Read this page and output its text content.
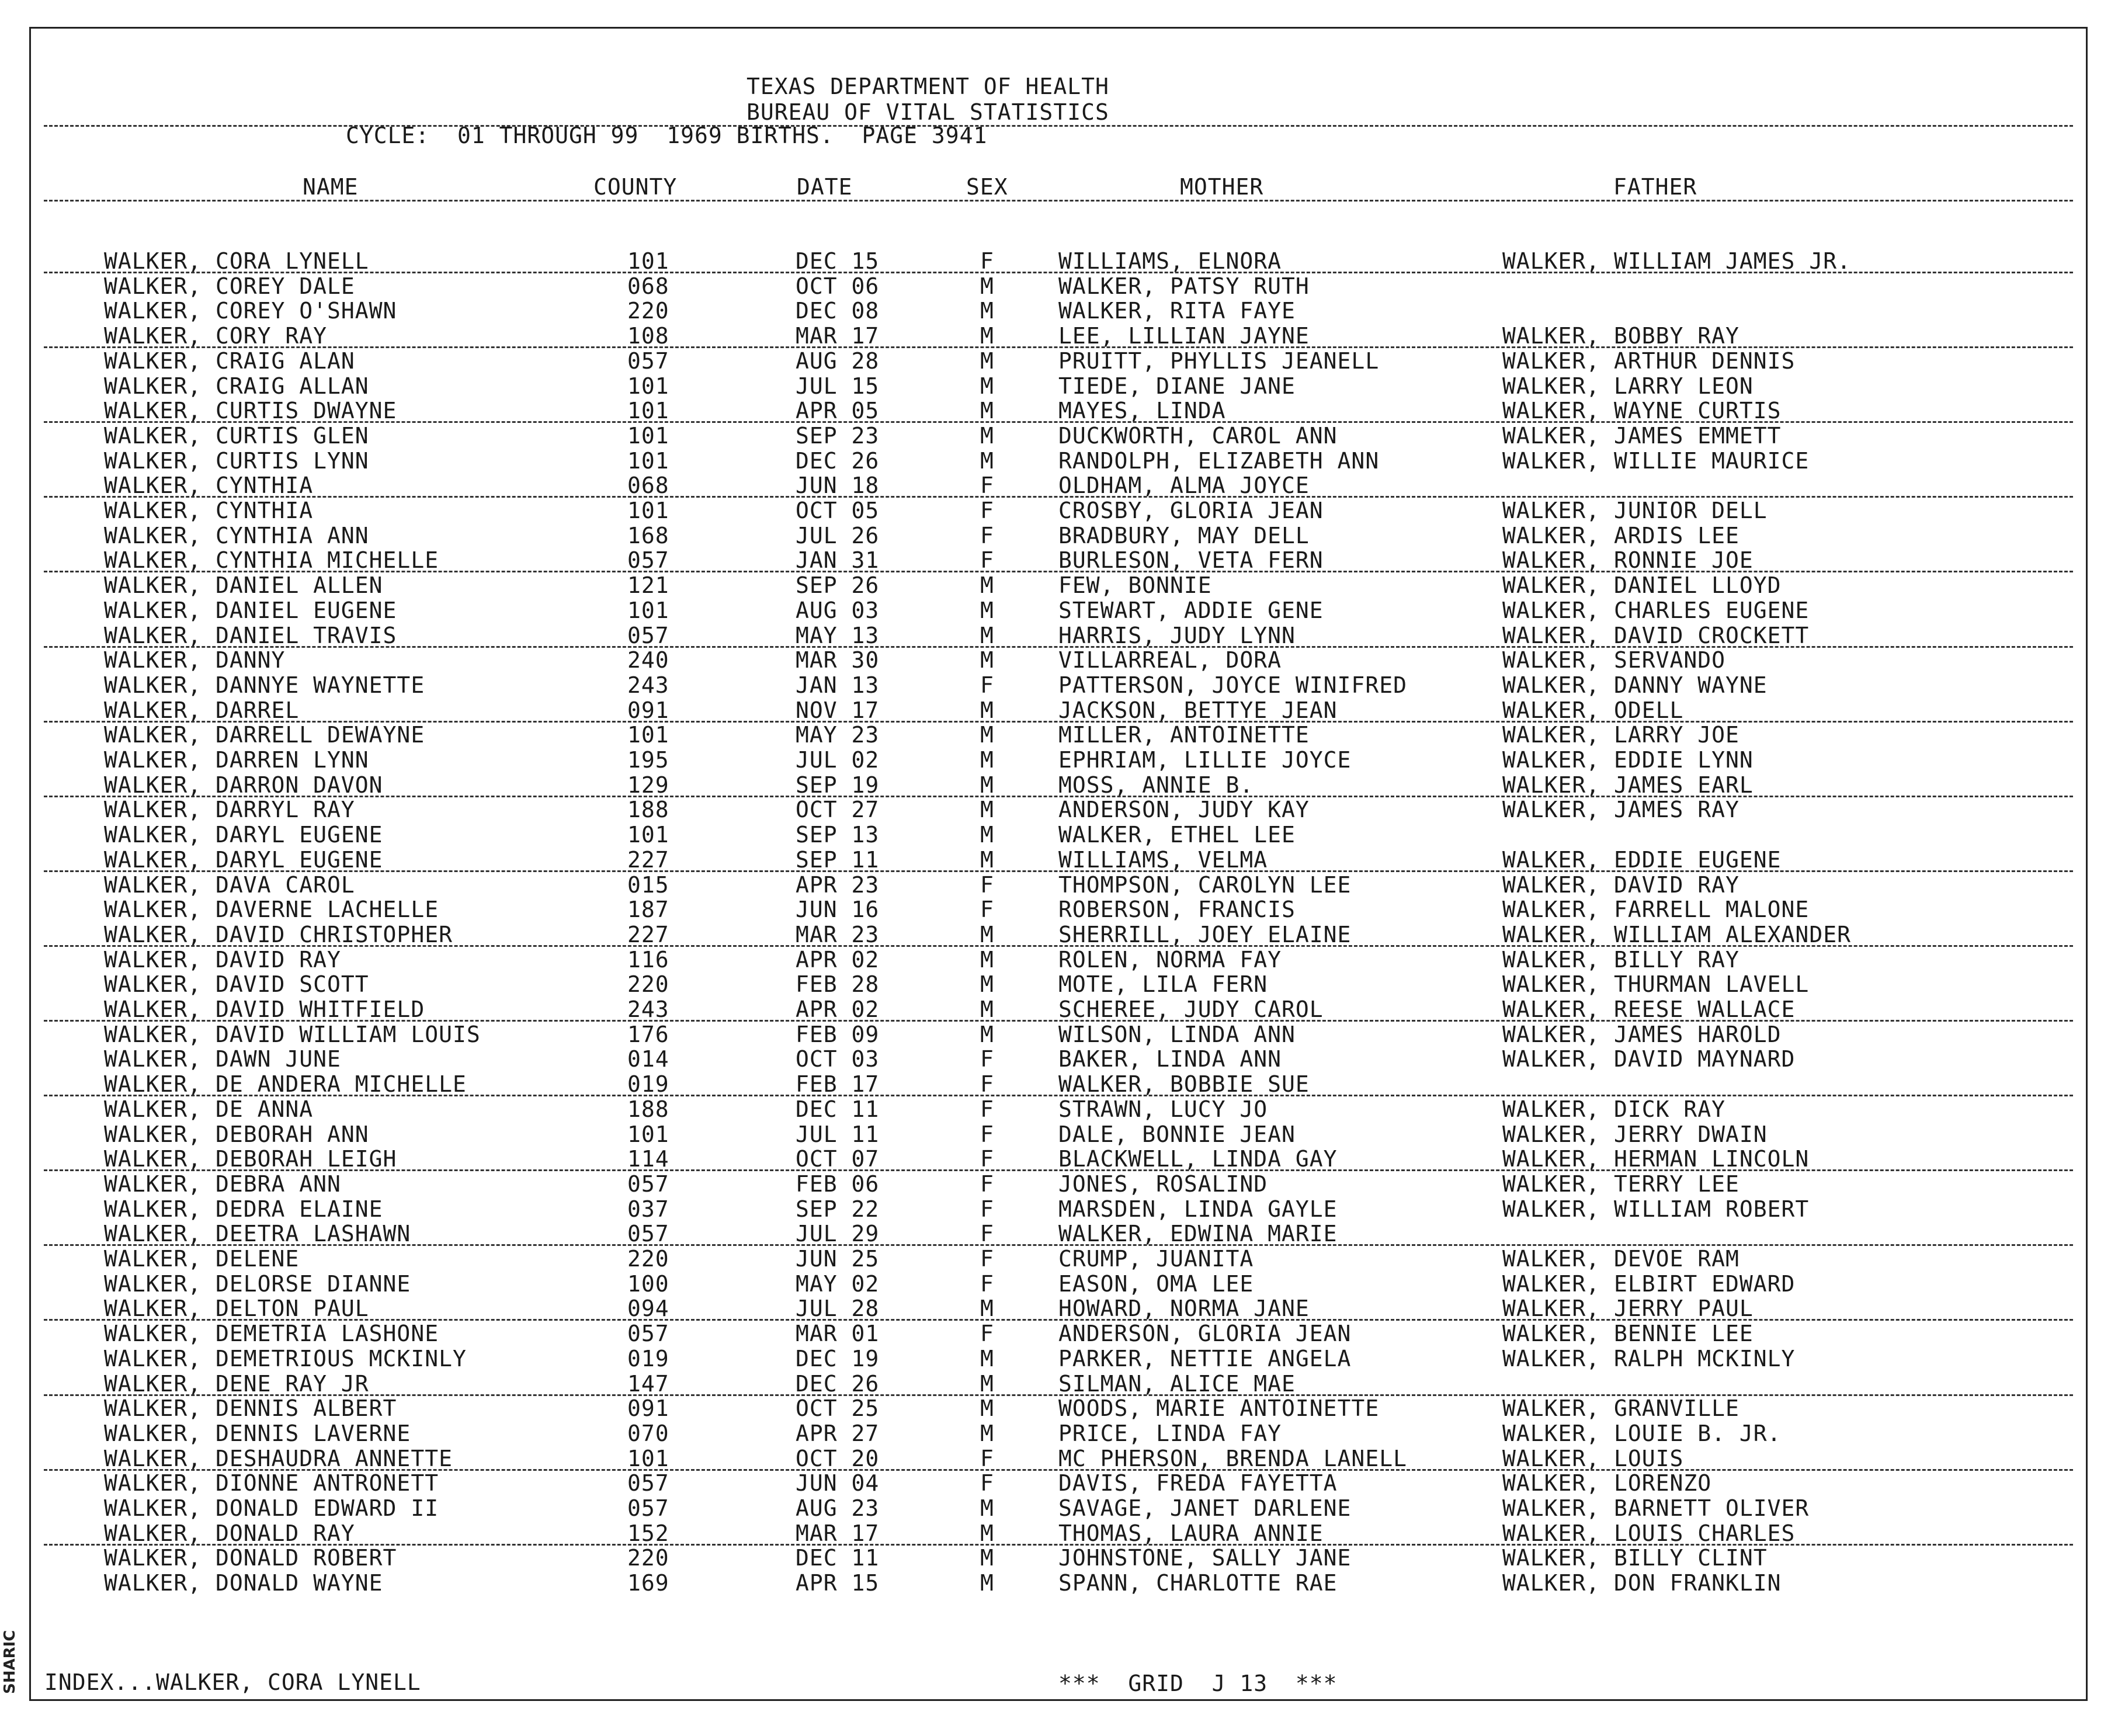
TEXAS DEPARTMENT OF HEALTH
BUREAU OF VITAL STATISTICS
CYCLE:  01 THROUGH 99  1969 BIRTHS.  PAGE 3941
NAME	COUNTY	DATE	SEX	MOTHER	FATHER
WALKER, CORA LYNELL	101	DEC 15	F	WILLIAMS, ELNORA	WALKER, WILLIAM JAMES JR.
WALKER, COREY DALE	068	OCT 06	M	WALKER, PATSY RUTH
WALKER, COREY O'SHAWN	220	DEC 08	M	WALKER, RITA FAYE
WALKER, CORY RAY	108	MAR 17	M	LEE, LILLIAN JAYNE	WALKER, BOBBY RAY
WALKER, CRAIG ALAN	057	AUG 28	M	PRUITT, PHYLLIS JEANELL	WALKER, ARTHUR DENNIS
WALKER, CRAIG ALLAN	101	JUL 15	M	TIEDE, DIANE JANE	WALKER, LARRY LEON
WALKER, CURTIS DWAYNE	101	APR 05	M	MAYES, LINDA	WALKER, WAYNE CURTIS
WALKER, CURTIS GLEN	101	SEP 23	M	DUCKWORTH, CAROL ANN	WALKER, JAMES EMMETT
WALKER, CURTIS LYNN	101	DEC 26	M	RANDOLPH, ELIZABETH ANN	WALKER, WILLIE MAURICE
WALKER, CYNTHIA	068	JUN 18	F	OLDHAM, ALMA JOYCE
WALKER, CYNTHIA	101	OCT 05	F	CROSBY, GLORIA JEAN	WALKER, JUNIOR DELL
WALKER, CYNTHIA ANN	168	JUL 26	F	BRADBURY, MAY DELL	WALKER, ARDIS LEE
WALKER, CYNTHIA MICHELLE	057	JAN 31	F	BURLESON, VETA FERN	WALKER, RONNIE JOE
WALKER, DANIEL ALLEN	121	SEP 26	M	FEW, BONNIE	WALKER, DANIEL LLOYD
WALKER, DANIEL EUGENE	101	AUG 03	M	STEWART, ADDIE GENE	WALKER, CHARLES EUGENE
WALKER, DANIEL TRAVIS	057	MAY 13	M	HARRIS, JUDY LYNN	WALKER, DAVID CROCKETT
WALKER, DANNY	240	MAR 30	M	VILLARREAL, DORA	WALKER, SERVANDO
WALKER, DANNYE WAYNETTE	243	JAN 13	F	PATTERSON, JOYCE WINIFRED	WALKER, DANNY WAYNE
WALKER, DARREL	091	NOV 17	M	JACKSON, BETTYE JEAN	WALKER, ODELL
WALKER, DARRELL DEWAYNE	101	MAY 23	M	MILLER, ANTOINETTE	WALKER, LARRY JOE
WALKER, DARREN LYNN	195	JUL 02	M	EPHRIAM, LILLIE JOYCE	WALKER, EDDIE LYNN
WALKER, DARRON DAVON	129	SEP 19	M	MOSS, ANNIE B.	WALKER, JAMES EARL
WALKER, DARRYL RAY	188	OCT 27	M	ANDERSON, JUDY KAY	WALKER, JAMES RAY
WALKER, DARYL EUGENE	101	SEP 13	M	WALKER, ETHEL LEE
WALKER, DARYL EUGENE	227	SEP 11	M	WILLIAMS, VELMA	WALKER, EDDIE EUGENE
WALKER, DAVA CAROL	015	APR 23	F	THOMPSON, CAROLYN LEE	WALKER, DAVID RAY
WALKER, DAVERNE LACHELLE	187	JUN 16	F	ROBERSON, FRANCIS	WALKER, FARRELL MALONE
WALKER, DAVID CHRISTOPHER	227	MAR 23	M	SHERRILL, JOEY ELAINE	WALKER, WILLIAM ALEXANDER
WALKER, DAVID RAY	116	APR 02	M	ROLEN, NORMA FAY	WALKER, BILLY RAY
WALKER, DAVID SCOTT	220	FEB 28	M	MOTE, LILA FERN	WALKER, THURMAN LAVELL
WALKER, DAVID WHITFIELD	243	APR 02	M	SCHEREE, JUDY CAROL	WALKER, REESE WALLACE
WALKER, DAVID WILLIAM LOUIS	176	FEB 09	M	WILSON, LINDA ANN	WALKER, JAMES HAROLD
WALKER, DAWN JUNE	014	OCT 03	F	BAKER, LINDA ANN	WALKER, DAVID MAYNARD
WALKER, DE ANDERA MICHELLE	019	FEB 17	F	WALKER, BOBBIE SUE
WALKER, DE ANNA	188	DEC 11	F	STRAWN, LUCY JO	WALKER, DICK RAY
WALKER, DEBORAH ANN	101	JUL 11	F	DALE, BONNIE JEAN	WALKER, JERRY DWAIN
WALKER, DEBORAH LEIGH	114	OCT 07	F	BLACKWELL, LINDA GAY	WALKER, HERMAN LINCOLN
WALKER, DEBRA ANN	057	FEB 06	F	JONES, ROSALIND	WALKER, TERRY LEE
WALKER, DEDRA ELAINE	037	SEP 22	F	MARSDEN, LINDA GAYLE	WALKER, WILLIAM ROBERT
WALKER, DEETRA LASHAWN	057	JUL 29	F	WALKER, EDWINA MARIE
WALKER, DELENE	220	JUN 25	F	CRUMP, JUANITA	WALKER, DEVOE RAM
WALKER, DELORSE DIANNE	100	MAY 02	F	EASON, OMA LEE	WALKER, ELBIRT EDWARD
WALKER, DELTON PAUL	094	JUL 28	M	HOWARD, NORMA JANE	WALKER, JERRY PAUL
WALKER, DEMETRIA LASHONE	057	MAR 01	F	ANDERSON, GLORIA JEAN	WALKER, BENNIE LEE
WALKER, DEMETRIOUS MCKINLY	019	DEC 19	M	PARKER, NETTIE ANGELA	WALKER, RALPH MCKINLY
WALKER, DENE RAY JR	147	DEC 26	M	SILMAN, ALICE MAE
WALKER, DENNIS ALBERT	091	OCT 25	M	WOODS, MARIE ANTOINETTE	WALKER, GRANVILLE
WALKER, DENNIS LAVERNE	070	APR 27	M	PRICE, LINDA FAY	WALKER, LOUIE B. JR.
WALKER, DESHAUDRA ANNETTE	101	OCT 20	F	MC PHERSON, BRENDA LANELL	WALKER, LOUIS
WALKER, DIONNE ANTRONETT	057	JUN 04	F	DAVIS, FREDA FAYETTA	WALKER, LORENZO
WALKER, DONALD EDWARD II	057	AUG 23	M	SAVAGE, JANET DARLENE	WALKER, BARNETT OLIVER
WALKER, DONALD RAY	152	MAR 17	M	THOMAS, LAURA ANNIE	WALKER, LOUIS CHARLES
WALKER, DONALD ROBERT	220	DEC 11	M	JOHNSTONE, SALLY JANE	WALKER, BILLY CLINT
WALKER, DONALD WAYNE	169	APR 15	M	SPANN, CHARLOTTE RAE	WALKER, DON FRANKLIN
INDEX...WALKER, CORA LYNELL	***  GRID  J 13  ***
SHARIC
